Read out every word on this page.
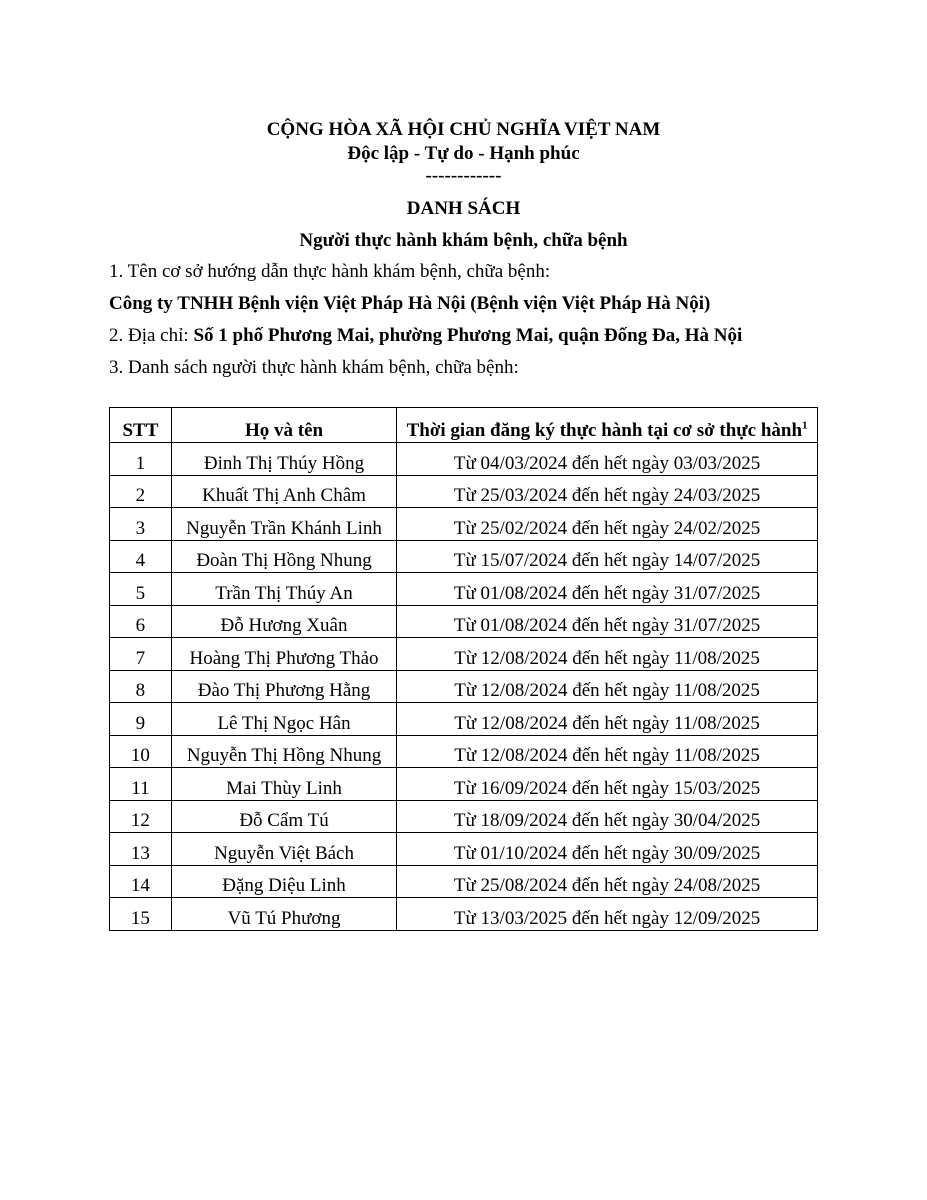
CỘNG HÒA XÃ HỘI CHỦ NGHĨA VIỆT NAM
Độc lập - Tự do - Hạnh phúc
------------
DANH SÁCH
Người thực hành khám bệnh, chữa bệnh
1. Tên cơ sở hướng dẫn thực hành khám bệnh, chữa bệnh:
Công ty TNHH Bệnh viện Việt Pháp Hà Nội (Bệnh viện Việt Pháp Hà Nội)
2. Địa chỉ: Số 1 phố Phương Mai, phường Phương Mai, quận Đống Đa, Hà Nội
3. Danh sách người thực hành khám bệnh, chữa bệnh:
STT	Họ và tên	Thời gian đăng ký thực hành tại cơ sở thực hành$^1$
1	Đinh Thị Thúy Hồng	Từ 04/03/2024 đến hết ngày 03/03/2025
2	Khuất Thị Anh Châm	Từ 25/03/2024 đến hết ngày 24/03/2025
3	Nguyễn Trần Khánh Linh	Từ 25/02/2024 đến hết ngày 24/02/2025
4	Đoàn Thị Hồng Nhung	Từ 15/07/2024 đến hết ngày 14/07/2025
5	Trần Thị Thúy An	Từ 01/08/2024 đến hết ngày 31/07/2025
6	Đỗ Hương Xuân	Từ 01/08/2024 đến hết ngày 31/07/2025
7	Hoàng Thị Phương Thảo	Từ 12/08/2024 đến hết ngày 11/08/2025
8	Đào Thị Phương Hằng	Từ 12/08/2024 đến hết ngày 11/08/2025
9	Lê Thị Ngọc Hân	Từ 12/08/2024 đến hết ngày 11/08/2025
10	Nguyễn Thị Hồng Nhung	Từ 12/08/2024 đến hết ngày 11/08/2025
11	Mai Thùy Linh	Từ 16/09/2024 đến hết ngày 15/03/2025
12	Đỗ Cẩm Tú	Từ 18/09/2024 đến hết ngày 30/04/2025
13	Nguyễn Việt Bách	Từ 01/10/2024 đến hết ngày 30/09/2025
14	Đặng Diệu Linh	Từ 25/08/2024 đến hết ngày 24/08/2025
15	Vũ Tú Phương	Từ 13/03/2025 đến hết ngày 12/09/2025
